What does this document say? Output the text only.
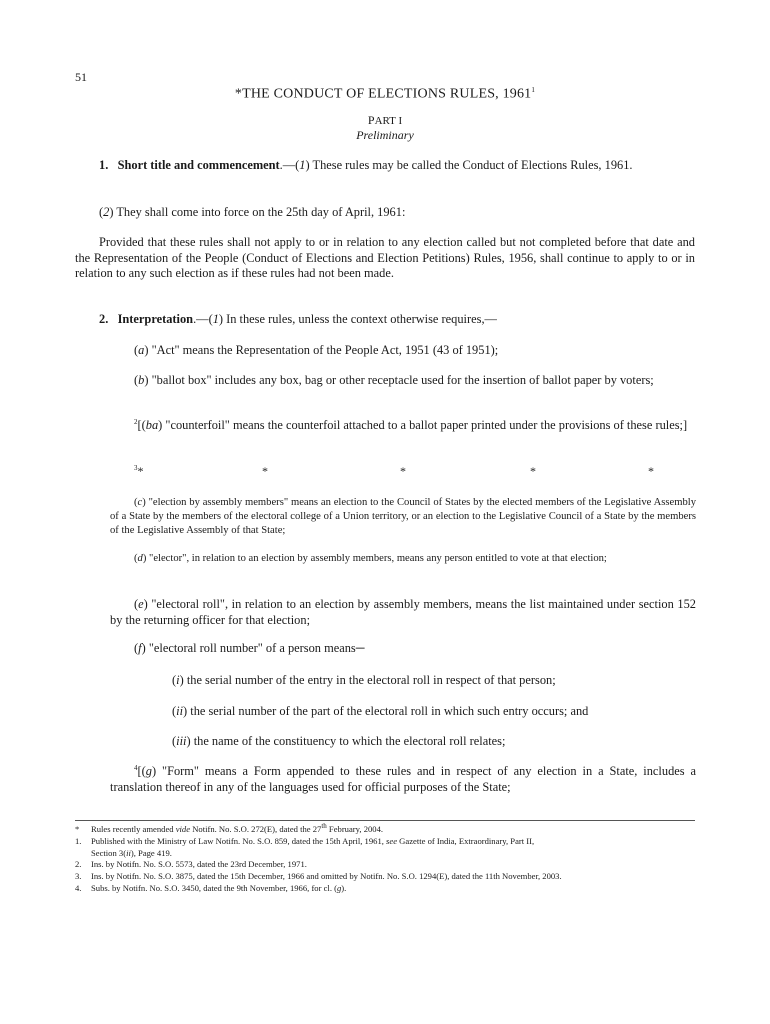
51
*THE CONDUCT OF ELECTIONS RULES, 1961$^1$
PART I
Preliminary
1. Short title and commencement.—(1) These rules may be called the Conduct of Elections Rules, 1961.
(2) They shall come into force on the 25th day of April, 1961:
Provided that these rules shall not apply to or in relation to any election called but not completed before that date and the Representation of the People (Conduct of Elections and Election Petitions) Rules, 1956, shall continue to apply to or in relation to any such election as if these rules had not been made.
2. Interpretation.—(1) In these rules, unless the context otherwise requires,—
(a) "Act" means the Representation of the People Act, 1951 (43 of 1951);
(b) "ballot box" includes any box, bag or other receptacle used for the insertion of ballot paper by voters;
$^2$[(ba) "counterfoil" means the counterfoil attached to a ballot paper printed under the provisions of these rules;]
$^3$ *	*	*	*	*
(c) "election by assembly members" means an election to the Council of States by the elected members of the Legislative Assembly of a State by the members of the electoral college of a Union territory, or an election to the Legislative Council of a State by the members of the Legislative Assembly of that State;
(d) "elector", in relation to an election by assembly members, means any person entitled to vote at that election;
(e) "electoral roll", in relation to an election by assembly members, means the list maintained under section 152 by the returning officer for that election;
(f) "electoral roll number" of a person means─
(i) the serial number of the entry in the electoral roll in respect of that person;
(ii) the serial number of the part of the electoral roll in which such entry occurs; and
(iii) the name of the constituency to which the electoral roll relates;
$^4$[(g) "Form" means a Form appended to these rules and in respect of any election in a State, includes a translation thereof in any of the languages used for official purposes of the State;
* Rules recently amended vide Notifn. No. S.O. 272(E), dated the 27th February, 2004.
1. Published with the Ministry of Law Notifn. No. S.O. 859, dated the 15th April, 1961, see Gazette of India, Extraordinary, Part II,
Section 3(ii), Page 419.
2. Ins. by Notifn. No. S.O. 5573, dated the 23rd December, 1971.
3. Ins. by Notifn. No. S.O. 3875, dated the 15th December, 1966 and omitted by Notifn. No. S.O. 1294(E), dated the 11th November, 2003.
4. Subs. by Notifn. No. S.O. 3450, dated the 9th November, 1966, for cl. (g).
